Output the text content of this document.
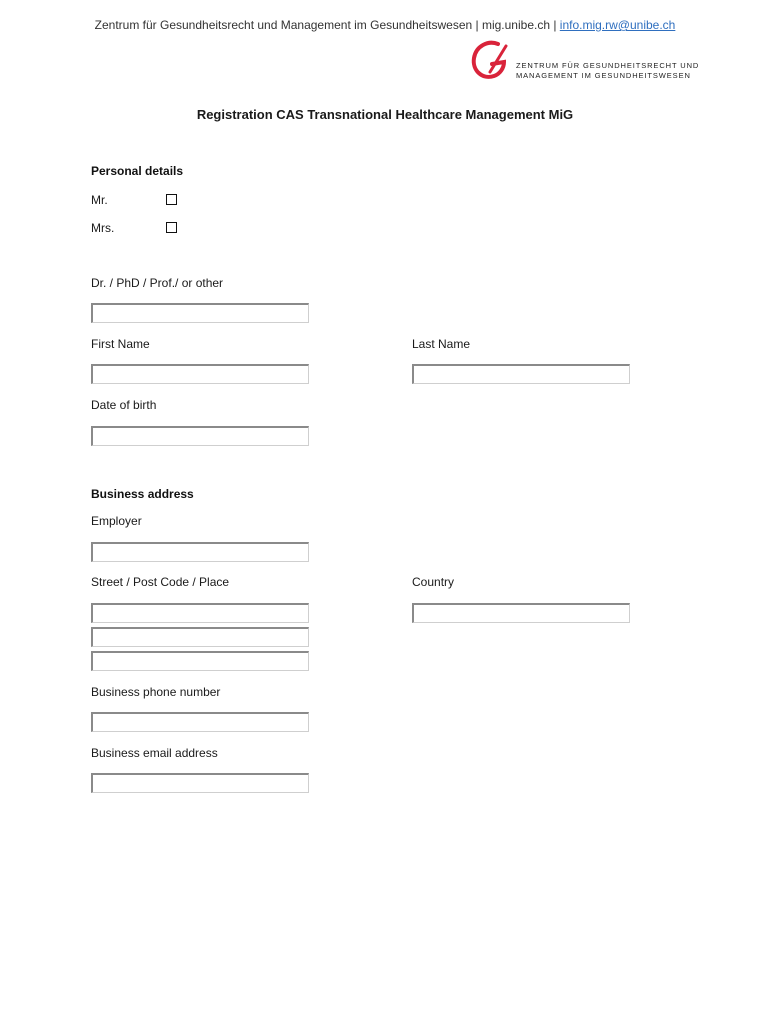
Zentrum für Gesundheitsrecht und Management im Gesundheitswesen | mig.unibe.ch | info.mig.rw@unibe.ch
ZENTRUM FÜR GESUNDHEITSRECHT UND
MANAGEMENT IM GESUNDHEITSWESEN
Registration CAS Transnational Healthcare Management MiG
Personal details
Mr.
Mrs.
Dr. / PhD / Prof./ or other
First Name	Last Name
Date of birth
Business address
Employer
Street / Post Code / Place	Country
Business phone number
Business email address
